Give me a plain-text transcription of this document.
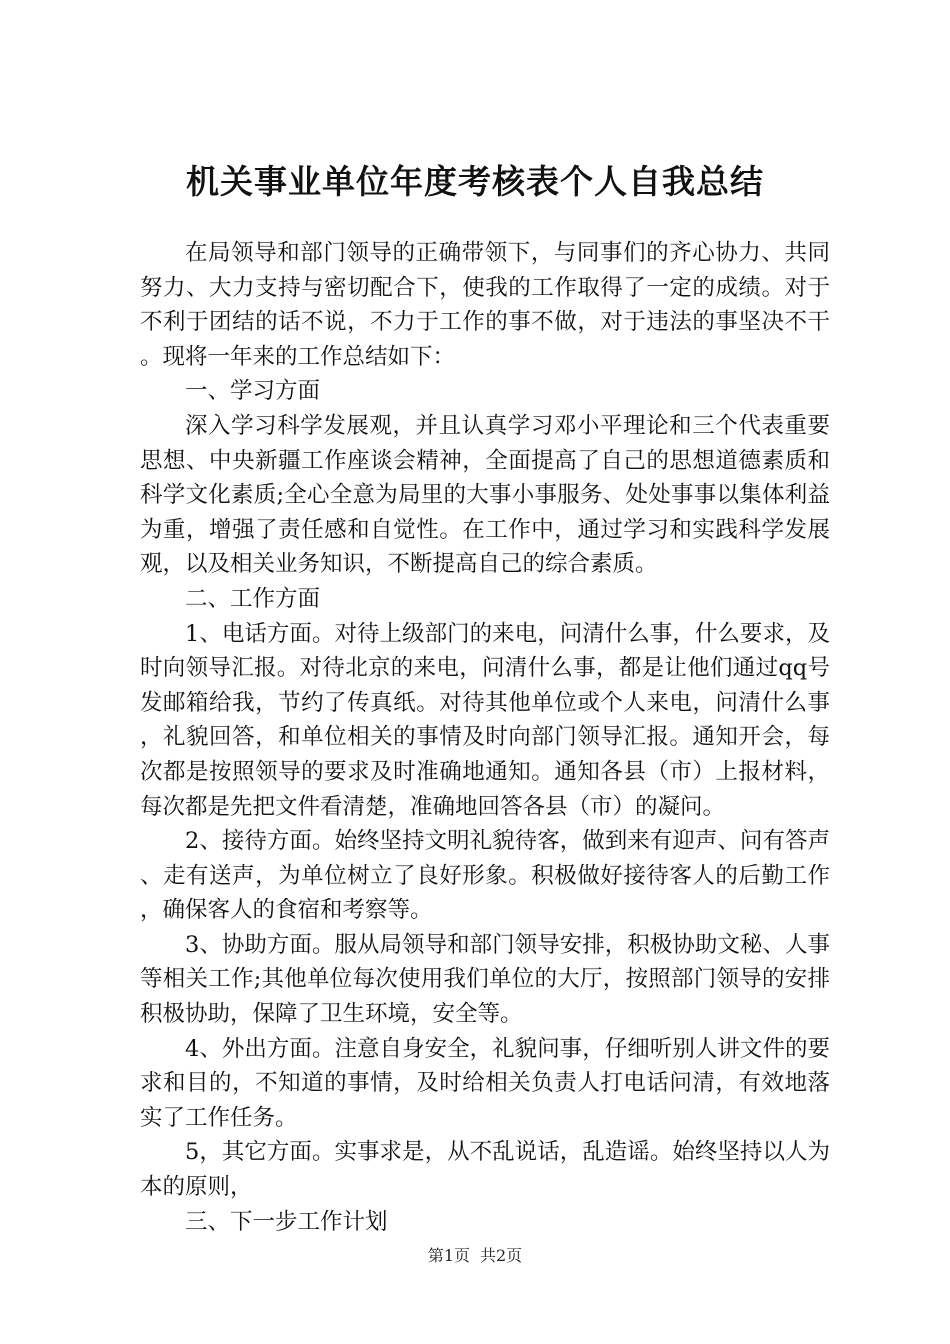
机关事业单位年度考核表个人自我总结

在局领导和部门领导的正确带领下，与同事们的齐心协力、共同努力、大力支持与密切配合下，使我的工作取得了一定的成绩。对于不利于团结的话不说，不力于工作的事不做，对于违法的事坚决不干。现将一年来的工作总结如下：

一、学习方面

深入学习科学发展观，并且认真学习邓小平理论和三个代表重要思想、中央新疆工作座谈会精神，全面提高了自己的思想道德素质和科学文化素质;全心全意为局里的大事小事服务、处处事事以集体利益为重，增强了责任感和自觉性。在工作中，通过学习和实践科学发展观，以及相关业务知识，不断提高自己的综合素质。

二、工作方面

1、电话方面。对待上级部门的来电，问清什么事，什么要求，及时向领导汇报。对待北京的来电，问清什么事，都是让他们通过qq号发邮箱给我，节约了传真纸。对待其他单位或个人来电，问清什么事，礼貌回答，和单位相关的事情及时向部门领导汇报。通知开会，每次都是按照领导的要求及时准确地通知。通知各县（市）上报材料，每次都是先把文件看清楚，准确地回答各县（市）的凝问。

2、接待方面。始终坚持文明礼貌待客，做到来有迎声、问有答声、走有送声，为单位树立了良好形象。积极做好接待客人的后勤工作，确保客人的食宿和考察等。

3、协助方面。服从局领导和部门领导安排，积极协助文秘、人事等相关工作;其他单位每次使用我们单位的大厅，按照部门领导的安排积极协助，保障了卫生环境，安全等。

4、外出方面。注意自身安全，礼貌问事，仔细听别人讲文件的要求和目的，不知道的事情，及时给相关负责人打电话问清，有效地落实了工作任务。

5，其它方面。实事求是，从不乱说话，乱造谣。始终坚持以人为本的原则，

三、下一步工作计划

第1页 共2页
